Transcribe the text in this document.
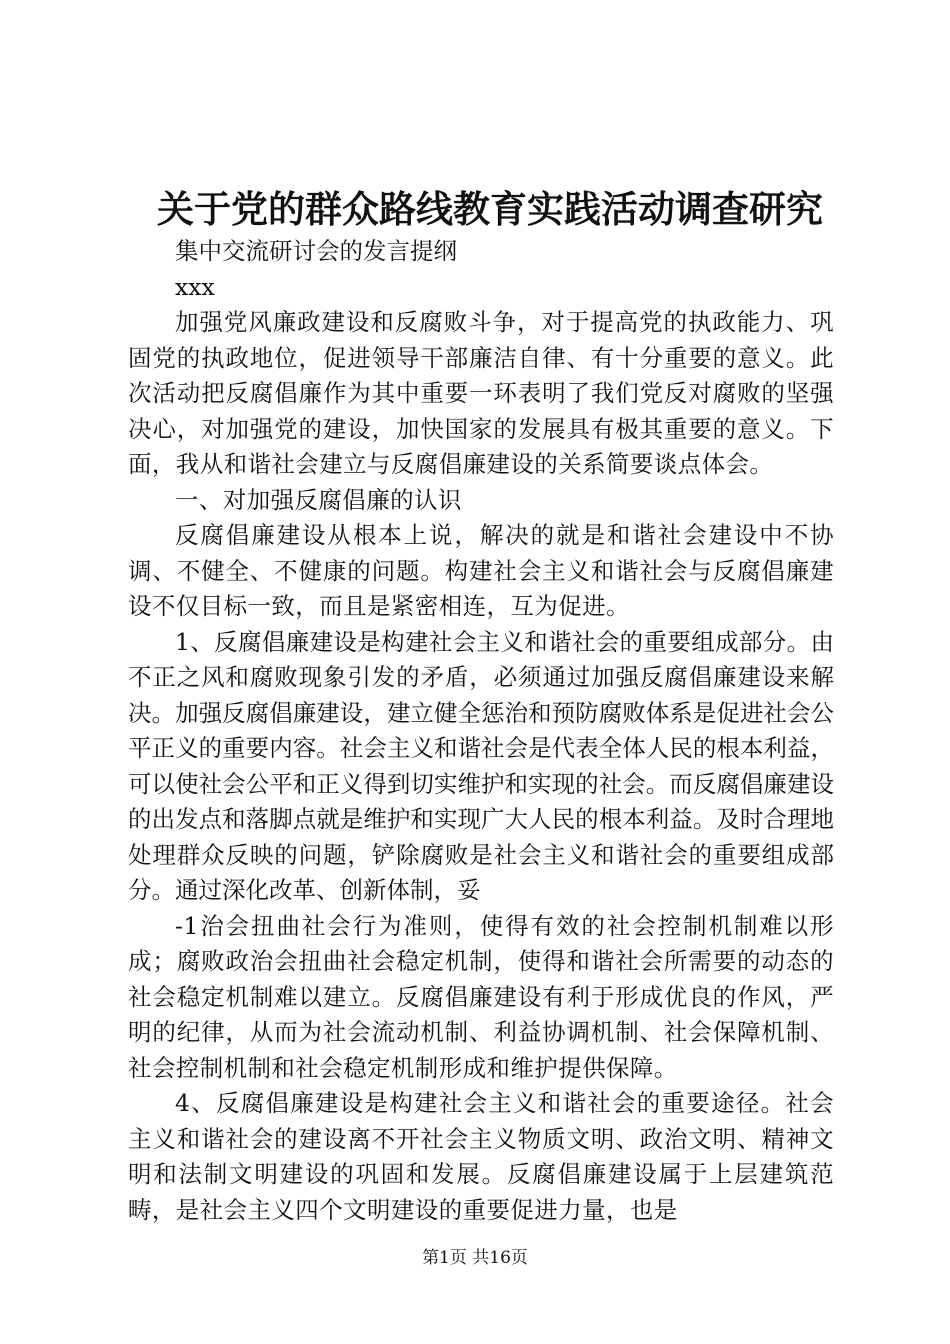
关于党的群众路线教育实践活动调查研究

集中交流研讨会的发言提纲

xxx

加强党风廉政建设和反腐败斗争，对于提高党的执政能力、巩固党的执政地位，促进领导干部廉洁自律、有十分重要的意义。此次活动把反腐倡廉作为其中重要一环表明了我们党反对腐败的坚强决心，对加强党的建设，加快国家的发展具有极其重要的意义。下面，我从和谐社会建立与反腐倡廉建设的关系简要谈点体会。

一、对加强反腐倡廉的认识

反腐倡廉建设从根本上说，解决的就是和谐社会建设中不协调、不健全、不健康的问题。构建社会主义和谐社会与反腐倡廉建设不仅目标一致，而且是紧密相连，互为促进。

1、反腐倡廉建设是构建社会主义和谐社会的重要组成部分。由不正之风和腐败现象引发的矛盾，必须通过加强反腐倡廉建设来解决。加强反腐倡廉建设，建立健全惩治和预防腐败体系是促进社会公平正义的重要内容。社会主义和谐社会是代表全体人民的根本利益，可以使社会公平和正义得到切实维护和实现的社会。而反腐倡廉建设的出发点和落脚点就是维护和实现广大人民的根本利益。及时合理地处理群众反映的问题，铲除腐败是社会主义和谐社会的重要组成部分。通过深化改革、创新体制，妥

-1治会扭曲社会行为准则，使得有效的社会控制机制难以形成；腐败政治会扭曲社会稳定机制，使得和谐社会所需要的动态的社会稳定机制难以建立。反腐倡廉建设有利于形成优良的作风，严明的纪律，从而为社会流动机制、利益协调机制、社会保障机制、社会控制机制和社会稳定机制形成和维护提供保障。

4、反腐倡廉建设是构建社会主义和谐社会的重要途径。社会主义和谐社会的建设离不开社会主义物质文明、政治文明、精神文明和法制文明建设的巩固和发展。反腐倡廉建设属于上层建筑范畴，是社会主义四个文明建设的重要促进力量，也是

第1页 共16页
